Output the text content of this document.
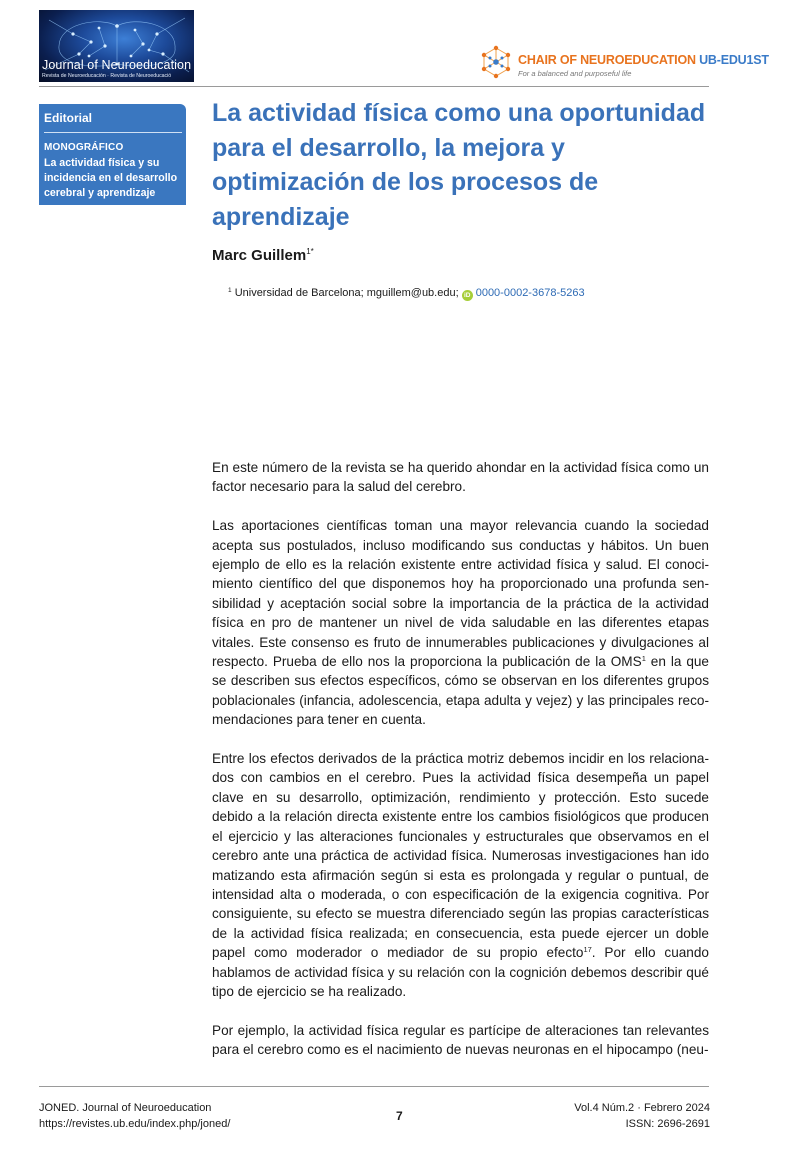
Journal of Neuroeducation
Revista de Neuroeducación · Revista de Neuroeducació
CHAIR OF NEUROEDUCATION UB-EDU1ST
For a balanced and purposeful life
Editorial
MONOGRÁFICO
La actividad física y su incidencia en el desarrollo cerebral y aprendizaje
La actividad física como una oportunidad para el desarrollo, la mejora y optimización de los procesos de aprendizaje
Marc Guillem$^{1*}$
$^1$ Universidad de Barcelona; mguillem@ub.edu; iD 0000-0002-3678-5263

En este número de la revista se ha querido ahondar en la actividad física como un factor necesario para la salud del cerebro.

Las aportaciones científicas toman una mayor relevancia cuando la sociedad acepta sus postulados, incluso modificando sus conductas y hábitos. Un buen ejemplo de ello es la relación existente entre actividad física y salud. El conocimiento científico del que disponemos hoy ha proporcionado una profunda sensibilidad y aceptación social sobre la importancia de la práctica de la actividad física en pro de mantener un nivel de vida saludable en las diferentes etapas vitales. Este consenso es fruto de innumerables publicaciones y divulgaciones al respecto. Prueba de ello nos la proporciona la publicación de la OMS$^1$ en la que se describen sus efectos específicos, cómo se observan en los diferentes grupos poblacionales (infancia, adolescencia, etapa adulta y vejez) y las principales recomendaciones para tener en cuenta.

Entre los efectos derivados de la práctica motriz debemos incidir en los relacionados con cambios en el cerebro. Pues la actividad física desempeña un papel clave en su desarrollo, optimización, rendimiento y protección. Esto sucede debido a la relación directa existente entre los cambios fisiológicos que producen el ejercicio y las alteraciones funcionales y estructurales que observamos en el cerebro ante una práctica de actividad física. Numerosas investigaciones han ido matizando esta afirmación según si esta es prolongada y regular o puntual, de intensidad alta o moderada, o con especificación de la exigencia cognitiva. Por consiguiente, su efecto se muestra diferenciado según las propias características de la actividad física realizada; en consecuencia, esta puede ejercer un doble papel como moderador o mediador de su propio efecto$^{17}$. Por ello cuando hablamos de actividad física y su relación con la cognición debemos describir qué tipo de ejercicio se ha realizado.

Por ejemplo, la actividad física regular es partícipe de alteraciones tan relevantes para el cerebro como es el nacimiento de nuevas neuronas en el hipocampo (neu-

JONED. Journal of Neuroeducation
https://revistes.ub.edu/index.php/joned/
7
Vol.4 Núm.2 · Febrero 2024
ISSN: 2696-2691
